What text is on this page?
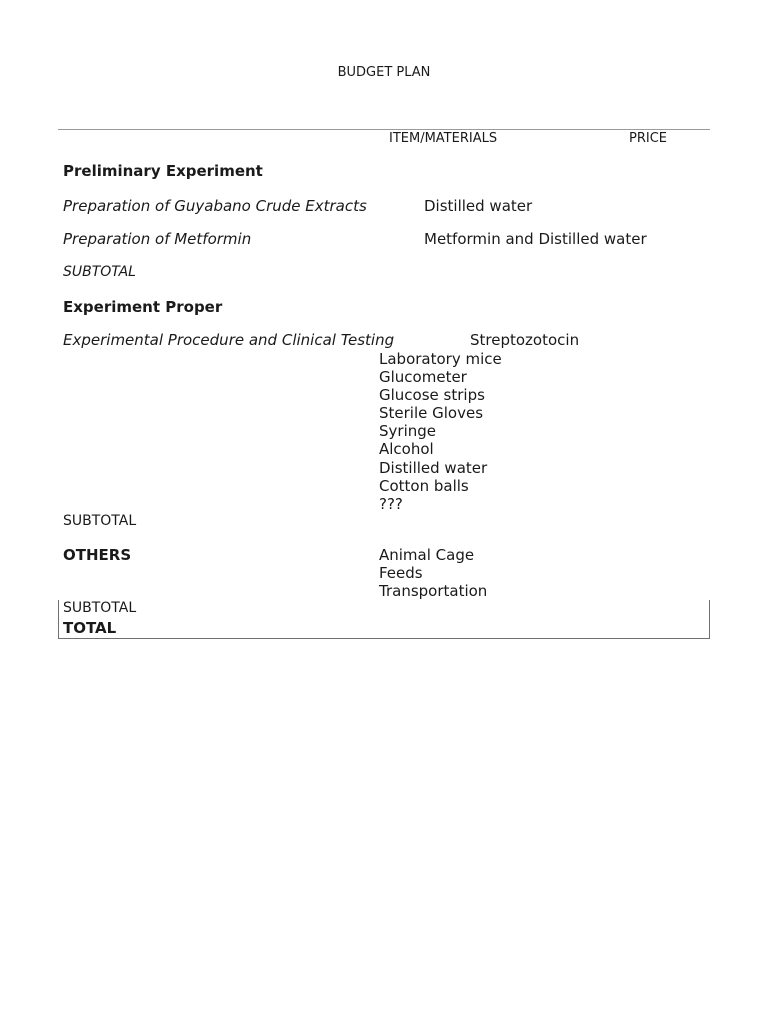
BUDGET PLAN
ITEM/MATERIALS	PRICE
Preliminary Experiment
Preparation of Guyabano Crude Extracts	Distilled water
Preparation of Metformin	Metformin and Distilled water
SUBTOTAL
Experiment Proper
Experimental Procedure and Clinical Testing	Streptozotocin
Laboratory mice
Glucometer
Glucose strips
Sterile Gloves
Syringe
Alcohol
Distilled water
Cotton balls
???
SUBTOTAL
OTHERS	Animal Cage
Feeds
Transportation
SUBTOTAL
TOTAL
